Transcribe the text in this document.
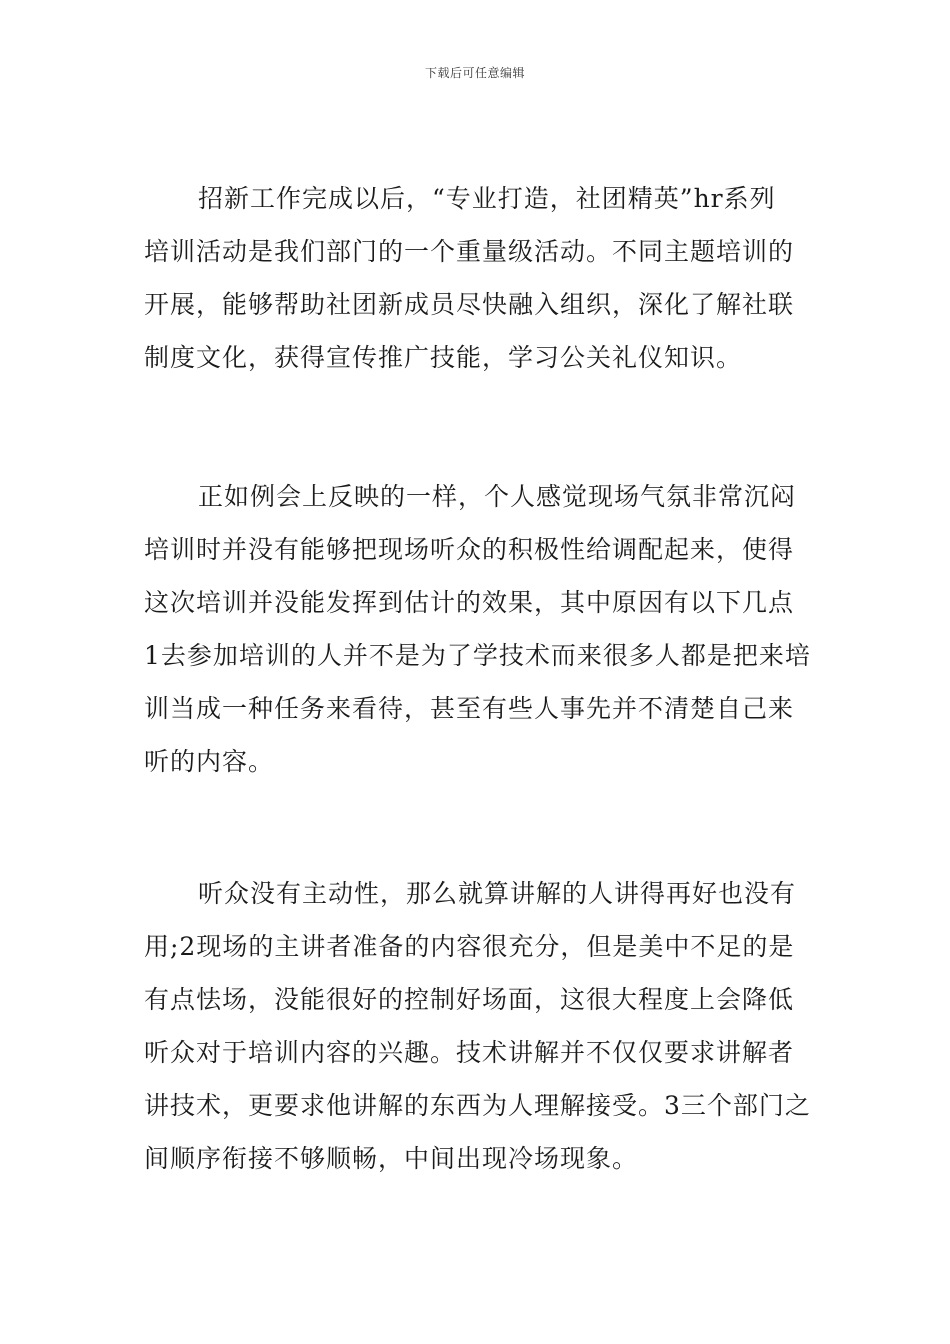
下载后可任意编辑
招新工作完成以后，“专业打造，社团精英”hr系列
培训活动是我们部门的一个重量级活动。不同主题培训的
开展，能够帮助社团新成员尽快融入组织，深化了解社联
制度文化，获得宣传推广技能，学习公关礼仪知识。
正如例会上反映的一样，个人感觉现场气氛非常沉闷
培训时并没有能够把现场听众的积极性给调配起来，使得
这次培训并没能发挥到估计的效果，其中原因有以下几点
1去参加培训的人并不是为了学技术而来很多人都是把来培
训当成一种任务来看待，甚至有些人事先并不清楚自己来
听的内容。
听众没有主动性，那么就算讲解的人讲得再好也没有
用;2现场的主讲者准备的内容很充分，但是美中不足的是
有点怯场，没能很好的控制好场面，这很大程度上会降低
听众对于培训内容的兴趣。技术讲解并不仅仅要求讲解者
讲技术，更要求他讲解的东西为人理解接受。3三个部门之
间顺序衔接不够顺畅，中间出现冷场现象。
